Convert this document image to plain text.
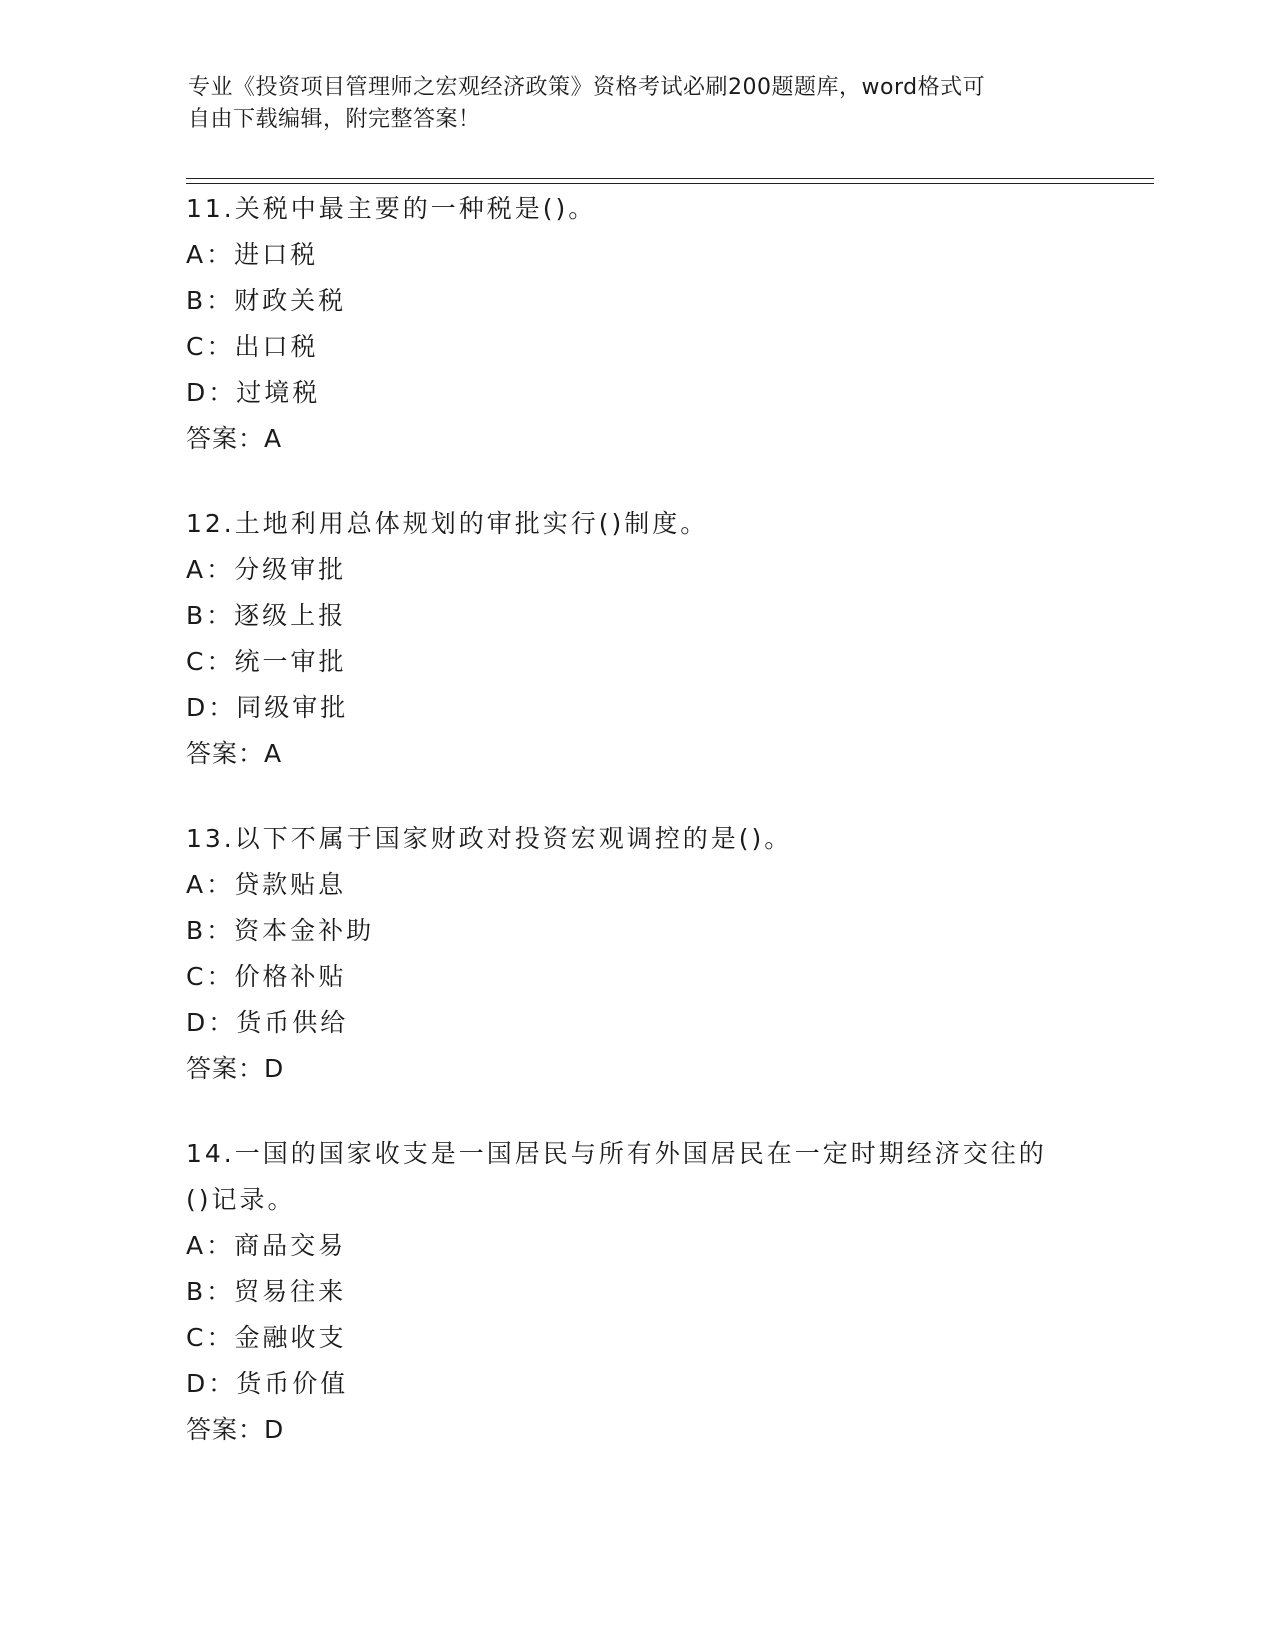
专业《投资项目管理师之宏观经济政策》资格考试必刷200题题库，word格式可
自由下载编辑，附完整答案！
11.关税中最主要的一种税是()。
A：进口税
B：财政关税
C：出口税
D：过境税
答案：A
12.土地利用总体规划的审批实行()制度。
A：分级审批
B：逐级上报
C：统一审批
D：同级审批
答案：A
13.以下不属于国家财政对投资宏观调控的是()。
A：贷款贴息
B：资本金补助
C：价格补贴
D：货币供给
答案：D
14.一国的国家收支是一国居民与所有外国居民在一定时期经济交往的
()记录。
A：商品交易
B：贸易往来
C：金融收支
D：货币价值
答案：D
